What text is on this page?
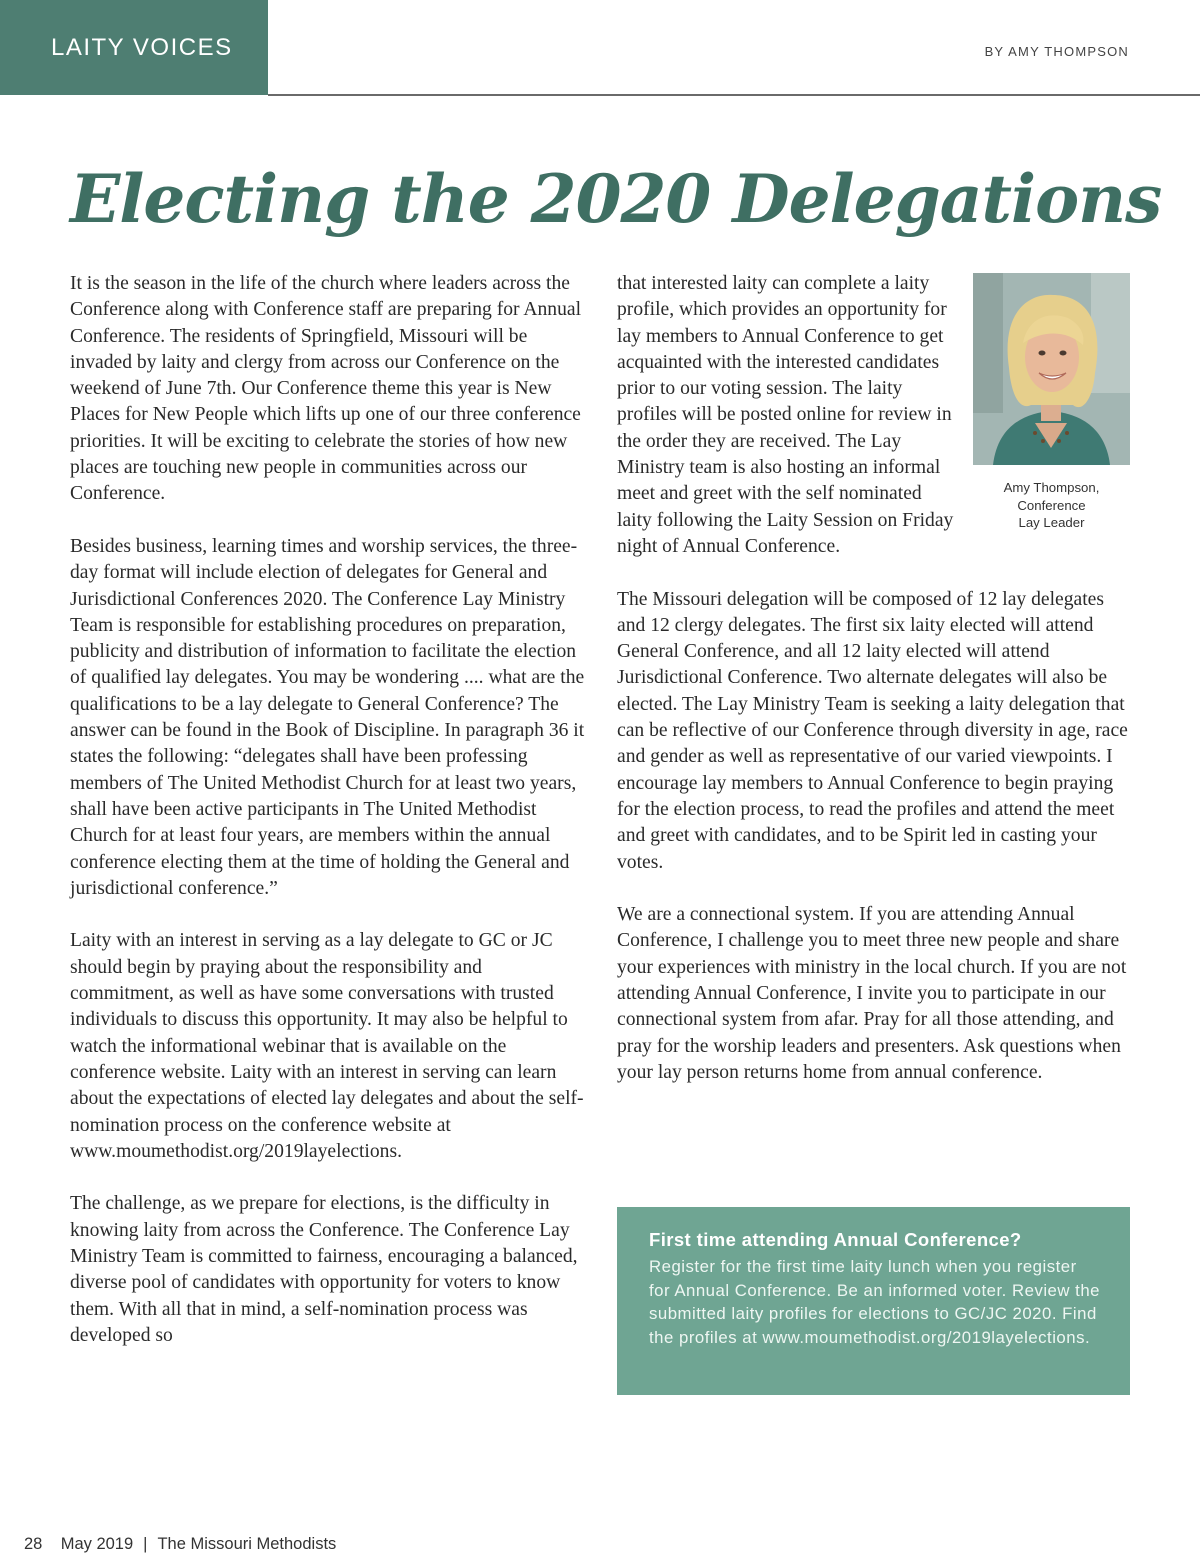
LAITY VOICES	BY AMY THOMPSON
Electing the 2020 Delegations

It is the season in the life of the church where leaders across the Conference along with Conference staff are preparing for Annual Conference. The residents of Springfield, Missouri will be invaded by laity and clergy from across our Conference on the weekend of June 7th. Our Conference theme this year is New Places for New People which lifts up one of our three conference priorities. It will be exciting to celebrate the stories of how new places are touching new people in communities across our Conference.

Besides business, learning times and worship services, the three-day format will include election of delegates for General and Jurisdictional Conferences 2020. The Conference Lay Ministry Team is responsible for establishing procedures on preparation, publicity and distribution of information to facilitate the election of qualified lay delegates. You may be wondering .... what are the qualifications to be a lay delegate to General Conference? The answer can be found in the Book of Discipline. In paragraph 36 it states the following: “delegates shall have been professing members of The United Methodist Church for at least two years, shall have been active participants in The United Methodist Church for at least four years, are members within the annual conference electing them at the time of holding the General and jurisdictional conference.”

Laity with an interest in serving as a lay delegate to GC or JC should begin by praying about the responsibility and commitment, as well as have some conversations with trusted individuals to discuss this opportunity. It may also be helpful to watch the informational webinar that is available on the conference website. Laity with an interest in serving can learn about the expectations of elected lay delegates and about the self-nomination process on the conference website at www.moumethodist.org/2019layelections.

The challenge, as we prepare for elections, is the difficulty in knowing laity from across the Conference. The Conference Lay Ministry Team is committed to fairness, encouraging a balanced, diverse pool of candidates with opportunity for voters to know them. With all that in mind, a self-nomination process was developed so

that interested laity can complete a laity profile, which provides an opportunity for lay members to Annual Conference to get acquainted with the interested candidates prior to our voting session. The laity profiles will be posted online for review in the order they are received. The Lay Ministry team is also hosting an informal meet and greet with the self nominated laity following the Laity Session on Friday night of Annual Conference.

The Missouri delegation will be composed of 12 lay delegates and 12 clergy delegates. The first six laity elected will attend General Conference, and all 12 laity elected will attend Jurisdictional Conference. Two alternate delegates will also be elected. The Lay Ministry Team is seeking a laity delegation that can be reflective of our Conference through diversity in age, race and gender as well as representative of our varied viewpoints. I encourage lay members to Annual Conference to begin praying for the election process, to read the profiles and attend the meet and greet with candidates, and to be Spirit led in casting your votes.

We are a connectional system. If you are attending Annual Conference, I challenge you to meet three new people and share your experiences with ministry in the local church. If you are not attending Annual Conference, I invite you to participate in our connectional system from afar. Pray for all those attending, and pray for the worship leaders and presenters. Ask questions when your lay person returns home from annual conference.

Amy Thompson,
Conference
Lay Leader

First time attending Annual Conference?

Register for the first time laity lunch when you register for Annual Conference. Be an informed voter. Review the submitted laity profiles for elections to GC/JC 2020. Find the profiles at www.moumethodist.org/2019layelections.

28 May 2019 | The Missouri Methodists
